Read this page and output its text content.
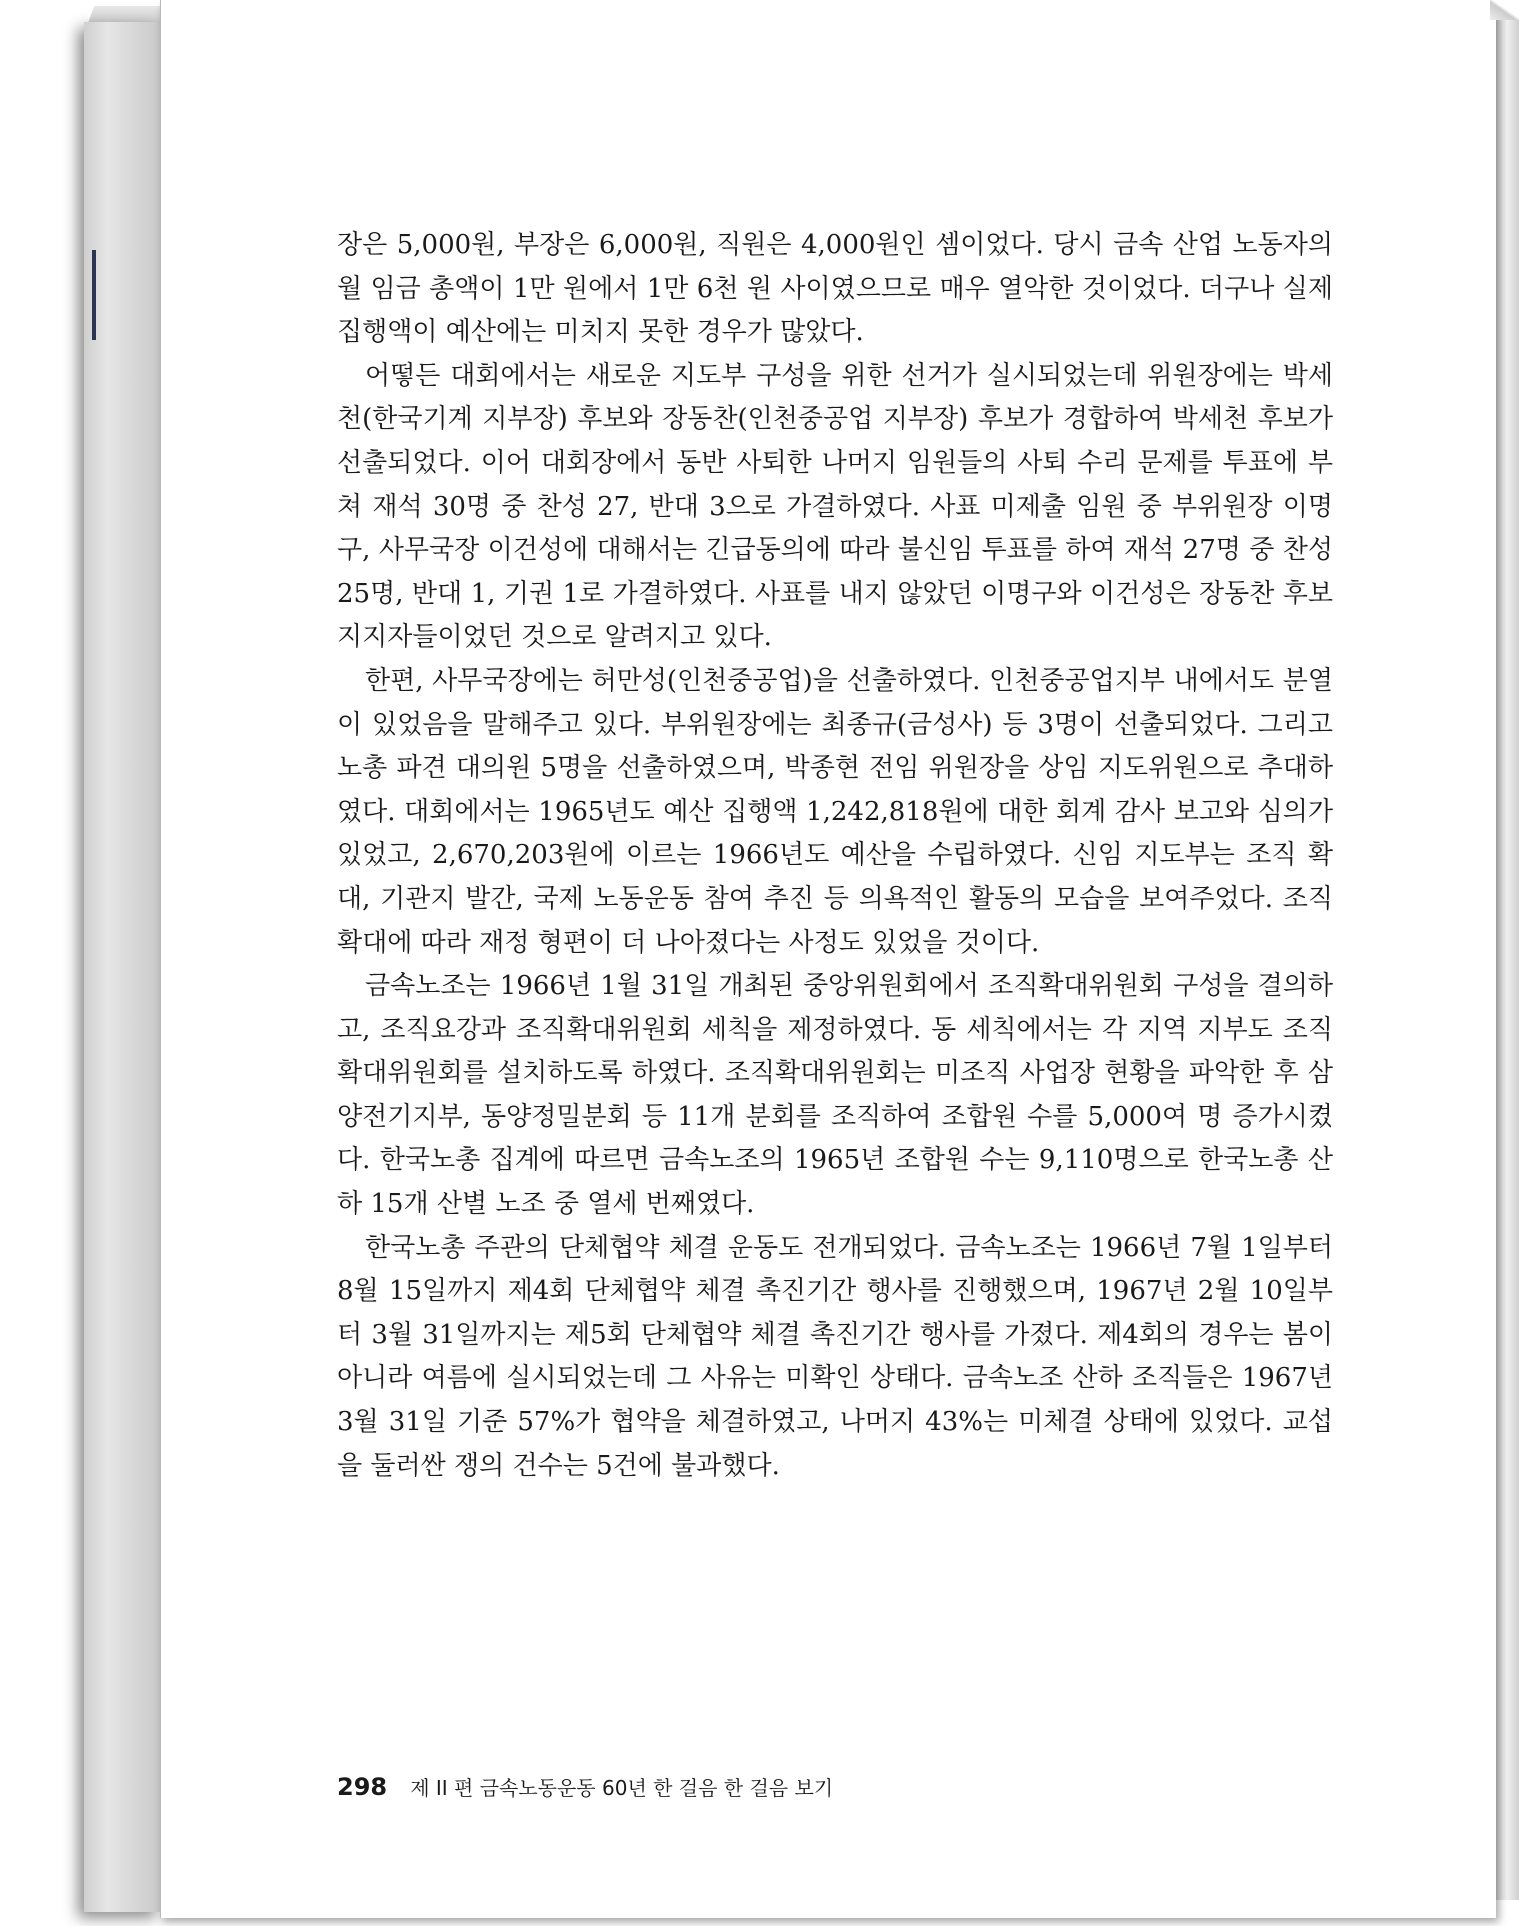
장은 5,000원, 부장은 6,000원, 직원은 4,000원인 셈이었다. 당시 금속 산업 노동자의 월 임금 총액이 1만 원에서 1만 6천 원 사이였으므로 매우 열악한 것이었다. 더구나 실제 집행액이 예산에는 미치지 못한 경우가 많았다.

어떻든 대회에서는 새로운 지도부 구성을 위한 선거가 실시되었는데 위원장에는 박세천(한국기계 지부장) 후보와 장동찬(인천중공업 지부장) 후보가 경합하여 박세천 후보가 선출되었다. 이어 대회장에서 동반 사퇴한 나머지 임원들의 사퇴 수리 문제를 투표에 부쳐 재석 30명 중 찬성 27, 반대 3으로 가결하였다. 사표 미제출 임원 중 부위원장 이명구, 사무국장 이건성에 대해서는 긴급동의에 따라 불신임 투표를 하여 재석 27명 중 찬성 25명, 반대 1, 기권 1로 가결하였다. 사표를 내지 않았던 이명구와 이건성은 장동찬 후보 지지자들이었던 것으로 알려지고 있다.

한편, 사무국장에는 허만성(인천중공업)을 선출하였다. 인천중공업지부 내에서도 분열이 있었음을 말해주고 있다. 부위원장에는 최종규(금성사) 등 3명이 선출되었다. 그리고 노총 파견 대의원 5명을 선출하였으며, 박종현 전임 위원장을 상임 지도위원으로 추대하였다. 대회에서는 1965년도 예산 집행액 1,242,818원에 대한 회계 감사 보고와 심의가 있었고, 2,670,203원에 이르는 1966년도 예산을 수립하였다. 신임 지도부는 조직 확대, 기관지 발간, 국제 노동운동 참여 추진 등 의욕적인 활동의 모습을 보여주었다. 조직 확대에 따라 재정 형편이 더 나아졌다는 사정도 있었을 것이다.

금속노조는 1966년 1월 31일 개최된 중앙위원회에서 조직확대위원회 구성을 결의하고, 조직요강과 조직확대위원회 세칙을 제정하였다. 동 세칙에서는 각 지역 지부도 조직확대위원회를 설치하도록 하였다. 조직확대위원회는 미조직 사업장 현황을 파악한 후 삼양전기지부, 동양정밀분회 등 11개 분회를 조직하여 조합원 수를 5,000여 명 증가시켰다. 한국노총 집계에 따르면 금속노조의 1965년 조합원 수는 9,110명으로 한국노총 산하 15개 산별 노조 중 열세 번째였다.

한국노총 주관의 단체협약 체결 운동도 전개되었다. 금속노조는 1966년 7월 1일부터 8월 15일까지 제4회 단체협약 체결 촉진기간 행사를 진행했으며, 1967년 2월 10일부터 3월 31일까지는 제5회 단체협약 체결 촉진기간 행사를 가졌다. 제4회의 경우는 봄이 아니라 여름에 실시되었는데 그 사유는 미확인 상태다. 금속노조 산하 조직들은 1967년 3월 31일 기준 57%가 협약을 체결하였고, 나머지 43%는 미체결 상태에 있었다. 교섭을 둘러싼 쟁의 건수는 5건에 불과했다.

298 제 II 편 금속노동운동 60년 한 걸음 한 걸음 보기
